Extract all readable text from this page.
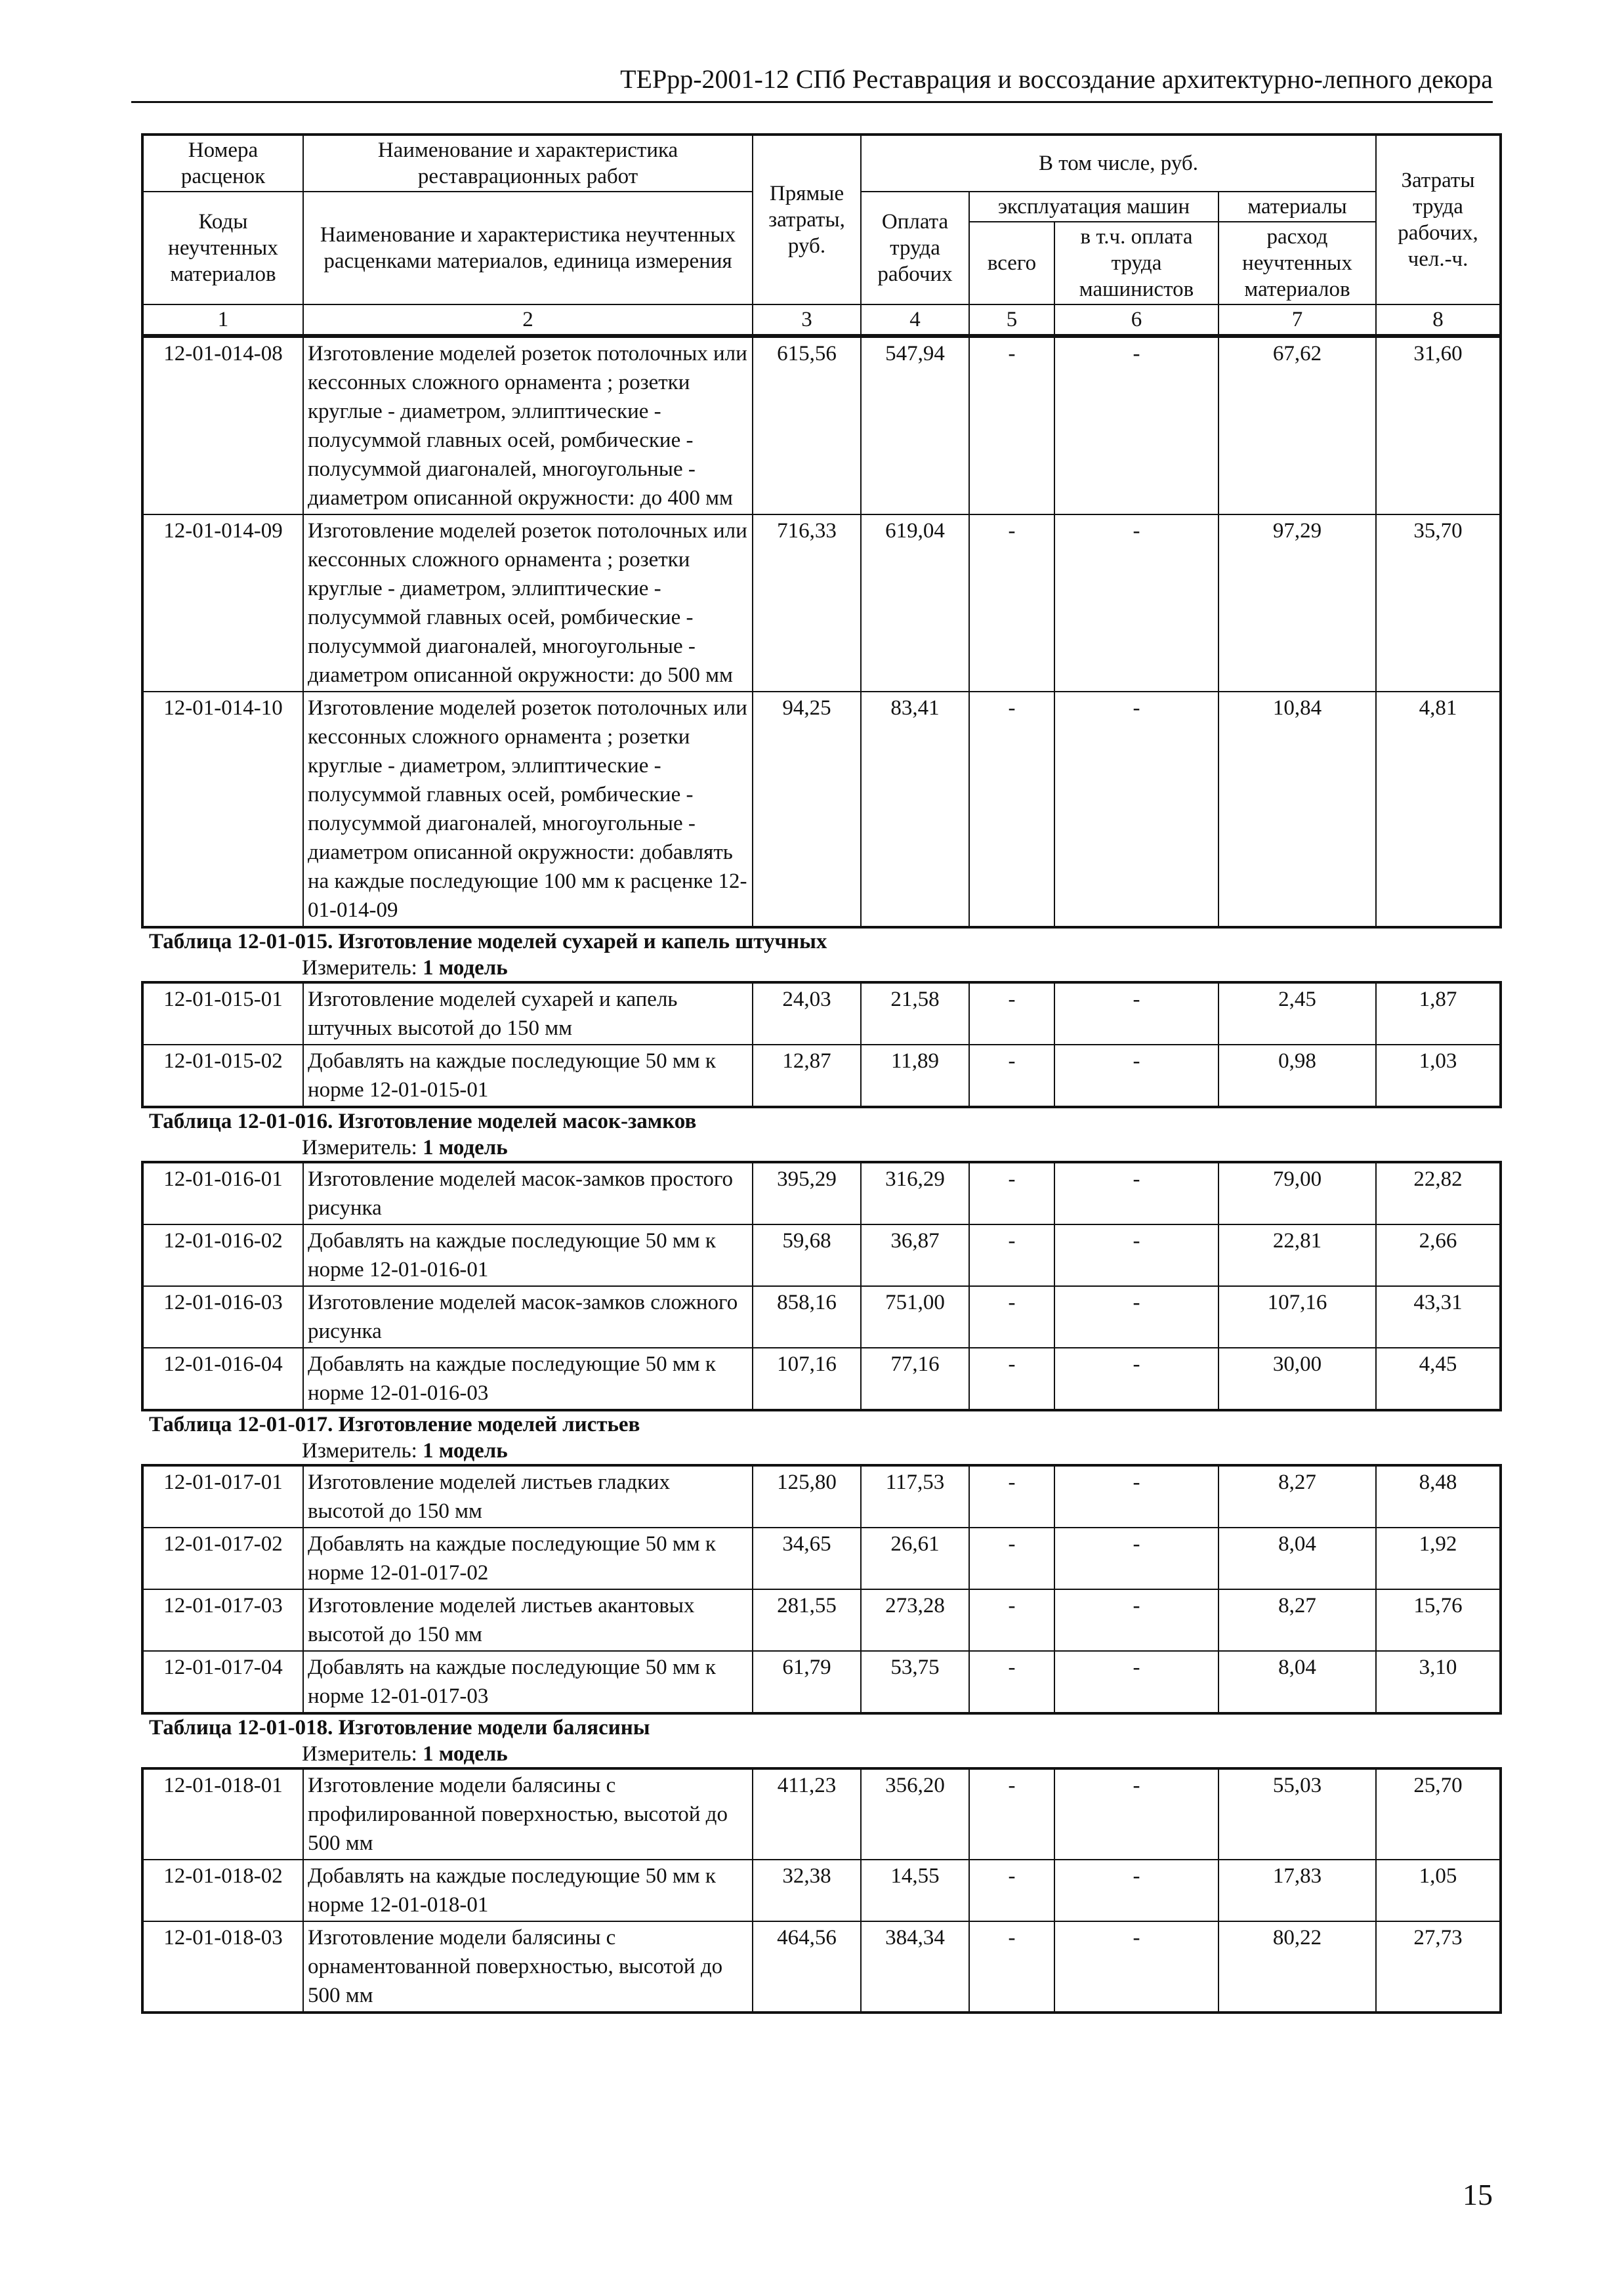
ТЕРрр-2001-12 СПб Реставрация и воссоздание архитектурно-лепного декора
Номера расценок	Наименование и характеристика реставрационных работ	Прямые затраты, руб.	В том числе, руб.				Затраты труда рабочих, чел.-ч.
Коды неучтенных материалов	Наименование и характеристика неучтенных расценками материалов, единица измерения		Оплата труда рабочих	эксплуатация машин		материалы	
				всего	в т.ч. оплата труда машинистов	расход неучтенных материалов	
1	2	3	4	5	6	7	8
12-01-014-08	Изготовление моделей розеток потолочных или кессонных сложного орнамента ; розетки круглые - диаметром, эллиптические - полусуммой главных осей, ромбические - полусуммой диагоналей, многоугольные - диаметром описанной окружности: до 400 мм	615,56	547,94	-	-	67,62	31,60
12-01-014-09	Изготовление моделей розеток потолочных или кессонных сложного орнамента ; розетки круглые - диаметром, эллиптические - полусуммой главных осей, ромбические - полусуммой диагоналей, многоугольные - диаметром описанной окружности: до 500 мм	716,33	619,04	-	-	97,29	35,70
12-01-014-10	Изготовление моделей розеток потолочных или кессонных сложного орнамента ; розетки круглые - диаметром, эллиптические - полусуммой главных осей, ромбические - полусуммой диагоналей, многоугольные - диаметром описанной окружности: добавлять на каждые последующие 100 мм к расценке 12-01-014-09	94,25	83,41	-	-	10,84	4,81
Таблица 12-01-015. Изготовление моделей сухарей и капель штучных
Измеритель: 1 модель
12-01-015-01	Изготовление моделей сухарей и капель штучных высотой до 150 мм	24,03	21,58	-	-	2,45	1,87
12-01-015-02	Добавлять на каждые последующие 50 мм к норме 12-01-015-01	12,87	11,89	-	-	0,98	1,03
Таблица 12-01-016. Изготовление моделей масок-замков
Измеритель: 1 модель
12-01-016-01	Изготовление моделей масок-замков простого рисунка	395,29	316,29	-	-	79,00	22,82
12-01-016-02	Добавлять на каждые последующие 50 мм к норме 12-01-016-01	59,68	36,87	-	-	22,81	2,66
12-01-016-03	Изготовление моделей масок-замков сложного рисунка	858,16	751,00	-	-	107,16	43,31
12-01-016-04	Добавлять на каждые последующие 50 мм к норме 12-01-016-03	107,16	77,16	-	-	30,00	4,45
Таблица 12-01-017. Изготовление моделей листьев
Измеритель: 1 модель
12-01-017-01	Изготовление моделей листьев гладких высотой до 150 мм	125,80	117,53	-	-	8,27	8,48
12-01-017-02	Добавлять на каждые последующие 50 мм к норме 12-01-017-02	34,65	26,61	-	-	8,04	1,92
12-01-017-03	Изготовление моделей листьев акантовых высотой до 150 мм	281,55	273,28	-	-	8,27	15,76
12-01-017-04	Добавлять на каждые последующие 50 мм к норме 12-01-017-03	61,79	53,75	-	-	8,04	3,10
Таблица 12-01-018. Изготовление модели балясины
Измеритель: 1 модель
12-01-018-01	Изготовление модели балясины с профилированной поверхностью, высотой до 500 мм	411,23	356,20	-	-	55,03	25,70
12-01-018-02	Добавлять на каждые последующие 50 мм к норме 12-01-018-01	32,38	14,55	-	-	17,83	1,05
12-01-018-03	Изготовление модели балясины с орнаментованной поверхностью, высотой до 500 мм	464,56	384,34	-	-	80,22	27,73
15
